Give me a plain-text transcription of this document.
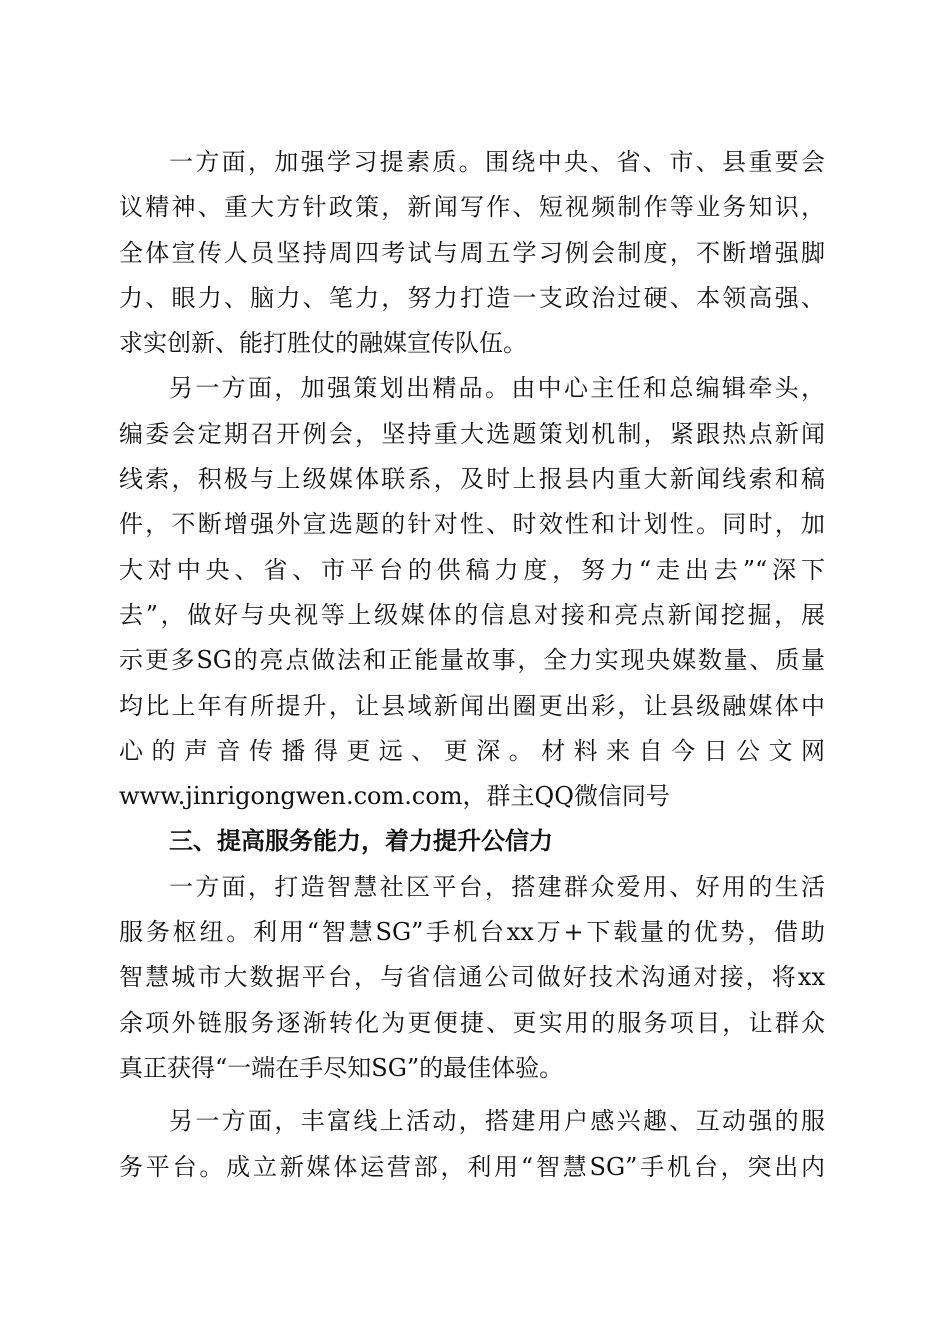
一方面，加强学习提素质。围绕中央、省、市、县重要会
议精神、重大方针政策，新闻写作、短视频制作等业务知识，
全体宣传人员坚持周四考试与周五学习例会制度，不断增强脚
力、眼力、脑力、笔力，努力打造一支政治过硬、本领高强、
求实创新、能打胜仗的融媒宣传队伍。
另一方面，加强策划出精品。由中心主任和总编辑牵头，
编委会定期召开例会，坚持重大选题策划机制，紧跟热点新闻
线索，积极与上级媒体联系，及时上报县内重大新闻线索和稿
件，不断增强外宣选题的针对性、时效性和计划性。同时，加
大对中央、省、市平台的供稿力度，努力“走出去”“深下
去”，做好与央视等上级媒体的信息对接和亮点新闻挖掘，展
示更多SG的亮点做法和正能量故事，全力实现央媒数量、质量
均比上年有所提升，让县域新闻出圈更出彩，让县级融媒体中
心的声音传播得更远、更深。材料来自今日公文网
www.jinrigongwen.com.com，群主QQ微信同号
三、提高服务能力，着力提升公信力
一方面，打造智慧社区平台，搭建群众爱用、好用的生活
服务枢纽。利用“智慧SG”手机台xx万+下载量的优势，借助
智慧城市大数据平台，与省信通公司做好技术沟通对接，将xx
余项外链服务逐渐转化为更便捷、更实用的服务项目，让群众
真正获得“一端在手尽知SG”的最佳体验。
另一方面，丰富线上活动，搭建用户感兴趣、互动强的服
务平台。成立新媒体运营部，利用“智慧SG”手机台，突出内
